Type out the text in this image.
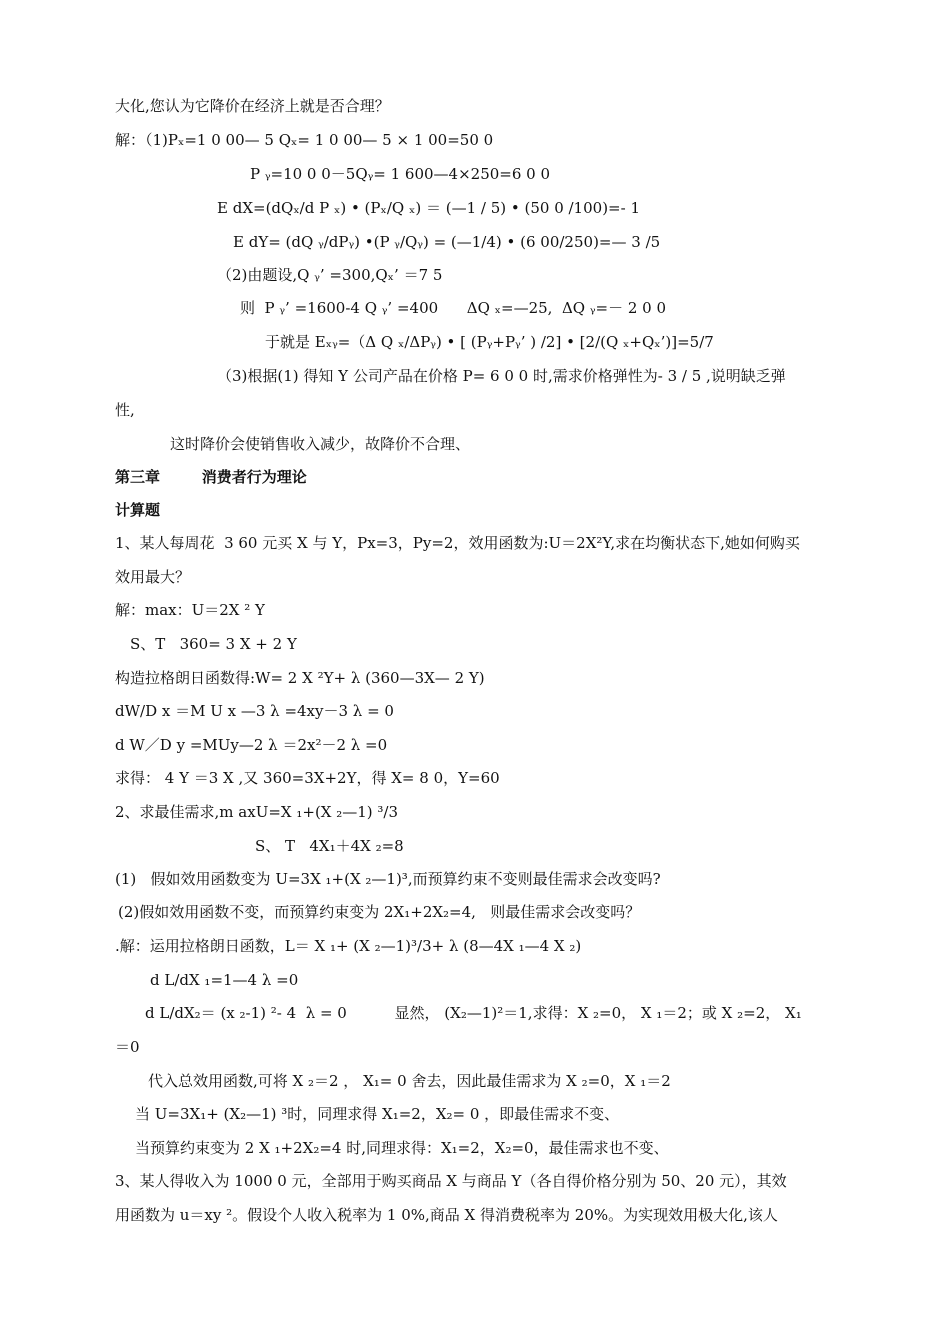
大化,您认为它降价在经济上就是否合理？
解：（1)Pₓ=1 0 00— 5 Qₓ= 1 0 00— 5 × 1 00=50 0
P ᵧ=10 0 0－5Qᵧ= 1 600—4×250=6 0 0
E dX=(dQₓ/d P ₓ) • (Pₓ/Q ₓ) ＝ (—1 / 5) • (50 0 /100)=- 1
E dY= (dQ ᵧ/dPᵧ) •(P ᵧ/Qᵧ) = (—1/4) • (6 00/250)=— 3 /5
（2)由题设,Q ᵧ’ =300,Qₓ’ ＝7 5
则  P ᵧ’ =1600-4 Q ᵧ’ =400      ΔQ ₓ=—25,  ΔQ ᵧ=－ 2 0 0
于就是 Eₓᵧ=（Δ Q ₓ/ΔPᵧ) • [ (Pᵧ+Pᵧ’ ) /2] • [2/(Q ₓ+Qₓ’)]=5/7
（3)根据(1) 得知 Y 公司产品在价格 P= 6 0 0 时,需求价格弹性为- 3 / 5 ,说明缺乏弹
性,
这时降价会使销售收入减少，故降价不合理、
第三章        消费者行为理论
计算题
1、某人每周花  3 60 元买 X 与 Y，Px=3，Py=2，效用函数为:U＝2X²Y,求在均衡状态下,她如何购买
效用最大？
解：max：U＝2X ² Y
S、T   360= 3 X + 2 Y
构造拉格朗日函数得:W= 2 X ²Y+ λ (360—3X— 2 Y)
dW/D x ＝M U x —3 λ =4xy－3 λ = 0
d W／D y =MUy—2 λ ＝2x²－2 λ =0
求得： 4 Y ＝3 X ,又 360=3X+2Y，得 X= 8 0，Y=60
2、求最佳需求,m axU=X ₁+(X ₂—1) ³/3
S、 T   4X₁＋4X ₂=8
(1)   假如效用函数变为 U=3X ₁+(X ₂—1)³,而预算约束不变则最佳需求会改变吗?
(2)假如效用函数不变，而预算约束变为 2X₁+2X₂=4,   则最佳需求会改变吗？
.解：运用拉格朗日函数，L＝ X ₁+ (X ₂—1)³/3+ λ (8—4X ₁—4 X ₂)
d L/dX ₁=1—4 λ =0
d L/dX₂＝ (x ₂-1) ²- 4  λ = 0          显然， (X₂—1)²＝1,求得：X ₂=0， X ₁＝2；或 X ₂=2， X₁
＝0
代入总效用函数,可将 X ₂＝2 ， X₁= 0 舍去，因此最佳需求为 X ₂=0，X ₁＝2
当 U=3X₁+ (X₂—1) ³时，同理求得 X₁=2，X₂= 0 ，即最佳需求不变、
当预算约束变为 2 X ₁+2X₂=4 时,同理求得：X₁=2，X₂=0，最佳需求也不变、
3、某人得收入为 1000 0 元，全部用于购买商品 X 与商品 Y（各自得价格分别为 50、20 元），其效
用函数为 u＝xy ²。假设个人收入税率为 1 0%,商品 X 得消费税率为 20%。为实现效用极大化,该人
